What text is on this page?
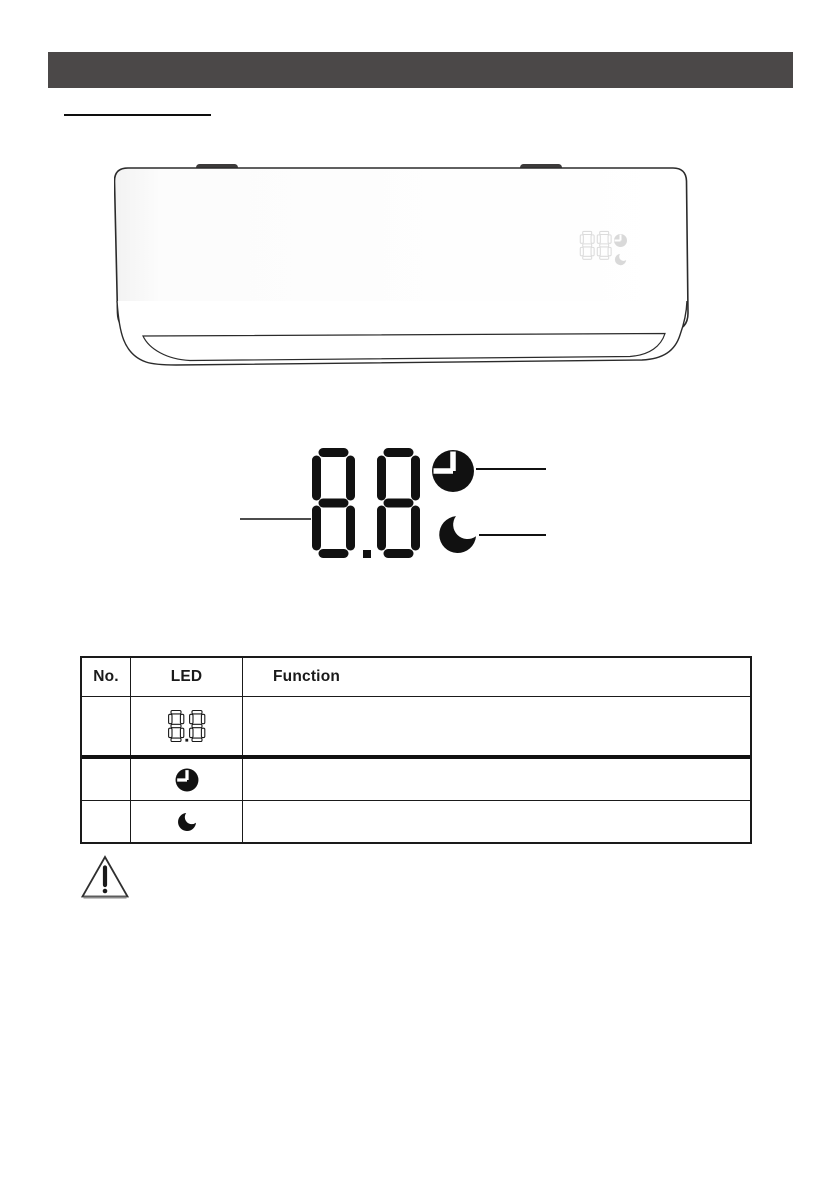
No.	LED	Function
